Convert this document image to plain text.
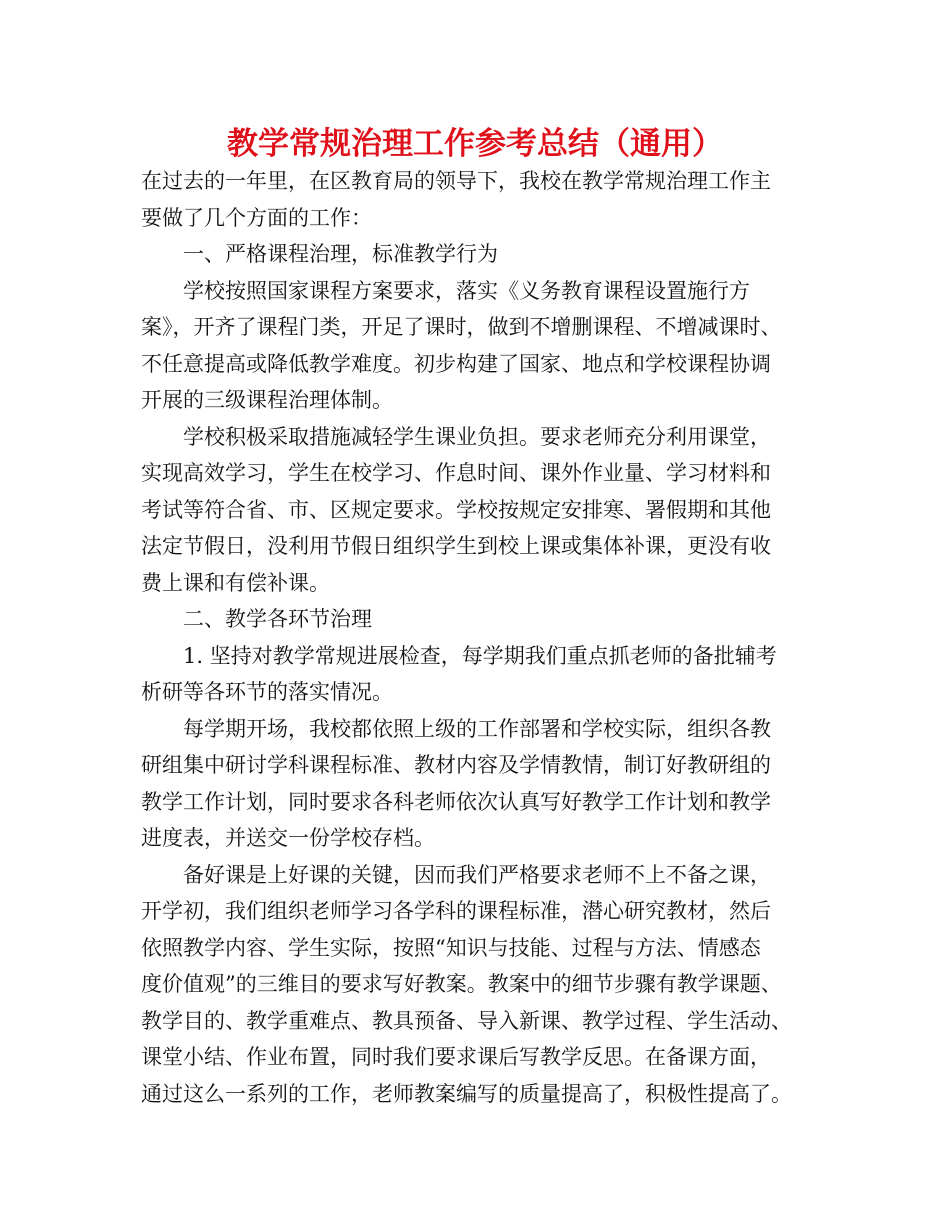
教学常规治理工作参考总结（通用）
在过去的一年里，在区教育局的领导下，我校在教学常规治理工作主
要做了几个方面的工作：
一、严格课程治理，标准教学行为
学校按照国家课程方案要求，落实《义务教育课程设置施行方
案》，开齐了课程门类，开足了课时，做到不增删课程、不增减课时、
不任意提高或降低教学难度。初步构建了国家、地点和学校课程协调
开展的三级课程治理体制。
学校积极采取措施减轻学生课业负担。要求老师充分利用课堂，
实现高效学习，学生在校学习、作息时间、课外作业量、学习材料和
考试等符合省、市、区规定要求。学校按规定安排寒、署假期和其他
法定节假日，没利用节假日组织学生到校上课或集体补课，更没有收
费上课和有偿补课。
二、教学各环节治理
1. 坚持对教学常规进展检查，每学期我们重点抓老师的备批辅考
析研等各环节的落实情况。
每学期开场，我校都依照上级的工作部署和学校实际，组织各教
研组集中研讨学科课程标准、教材内容及学情教情，制订好教研组的
教学工作计划，同时要求各科老师依次认真写好教学工作计划和教学
进度表，并送交一份学校存档。
备好课是上好课的关键，因而我们严格要求老师不上不备之课，
开学初，我们组织老师学习各学科的课程标准，潜心研究教材，然后
依照教学内容、学生实际，按照“知识与技能、过程与方法、情感态
度价值观”的三维目的要求写好教案。教案中的细节步骤有教学课题、
教学目的、教学重难点、教具预备、导入新课、教学过程、学生活动、
课堂小结、作业布置，同时我们要求课后写教学反思。在备课方面，
通过这么一系列的工作，老师教案编写的质量提高了，积极性提高了。
